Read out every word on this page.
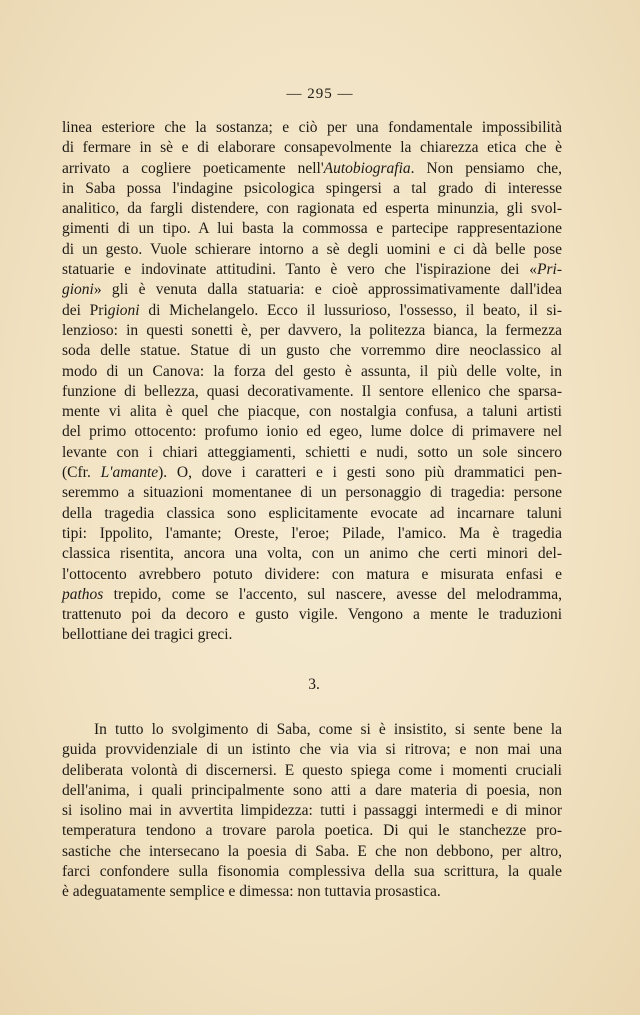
— 295 —

linea esteriore che la sostanza; e ciò per una fondamentale impossibilità
di fermare in sè e di elaborare consapevolmente la chiarezza etica che è
arrivato a cogliere poeticamente nell'Autobiografia. Non pensiamo che,
in Saba possa l'indagine psicologica spingersi a tal grado di interesse
analitico, da fargli distendere, con ragionata ed esperta minunzia, gli svol-
gimenti di un tipo. A lui basta la commossa e partecipe rappresentazione
di un gesto. Vuole schierare intorno a sè degli uomini e ci dà belle pose
statuarie e indovinate attitudini. Tanto è vero che l'ispirazione dei «Pri-
gioni» gli è venuta dalla statuaria: e cioè approssimativamente dall'idea
dei Prigioni di Michelangelo. Ecco il lussurioso, l'ossesso, il beato, il si-
lenzioso: in questi sonetti è, per davvero, la politezza bianca, la fermezza
soda delle statue. Statue di un gusto che vorremmo dire neoclassico al
modo di un Canova: la forza del gesto è assunta, il più delle volte, in
funzione di bellezza, quasi decorativamente. Il sentore ellenico che sparsa-
mente vi alita è quel che piacque, con nostalgia confusa, a taluni artisti
del primo ottocento: profumo ionio ed egeo, lume dolce di primavere nel
levante con i chiari atteggiamenti, schietti e nudi, sotto un sole sincero
(Cfr. L'amante). O, dove i caratteri e i gesti sono più drammatici pen-
seremmo a situazioni momentanee di un personaggio di tragedia: persone
della tragedia classica sono esplicitamente evocate ad incarnare taluni
tipi: Ippolito, l'amante; Oreste, l'eroe; Pilade, l'amico. Ma è tragedia
classica risentita, ancora una volta, con un animo che certi minori del-
l'ottocento avrebbero potuto dividere: con matura e misurata enfasi e
pathos trepido, come se l'accento, sul nascere, avesse del melodramma,
trattenuto poi da decoro e gusto vigile. Vengono a mente le traduzioni
bellottiane dei tragici greci.

3.

In tutto lo svolgimento di Saba, come si è insistito, si sente bene la
guida provvidenziale di un istinto che via via si ritrova; e non mai una
deliberata volontà di discernersi. E questo spiega come i momenti cruciali
dell'anima, i quali principalmente sono atti a dare materia di poesia, non
si isolino mai in avvertita limpidezza: tutti i passaggi intermedi e di minor
temperatura tendono a trovare parola poetica. Di qui le stanchezze pro-
sastiche che intersecano la poesia di Saba. E che non debbono, per altro,
farci confondere sulla fisonomia complessiva della sua scrittura, la quale
è adeguatamente semplice e dimessa: non tuttavia prosastica.
